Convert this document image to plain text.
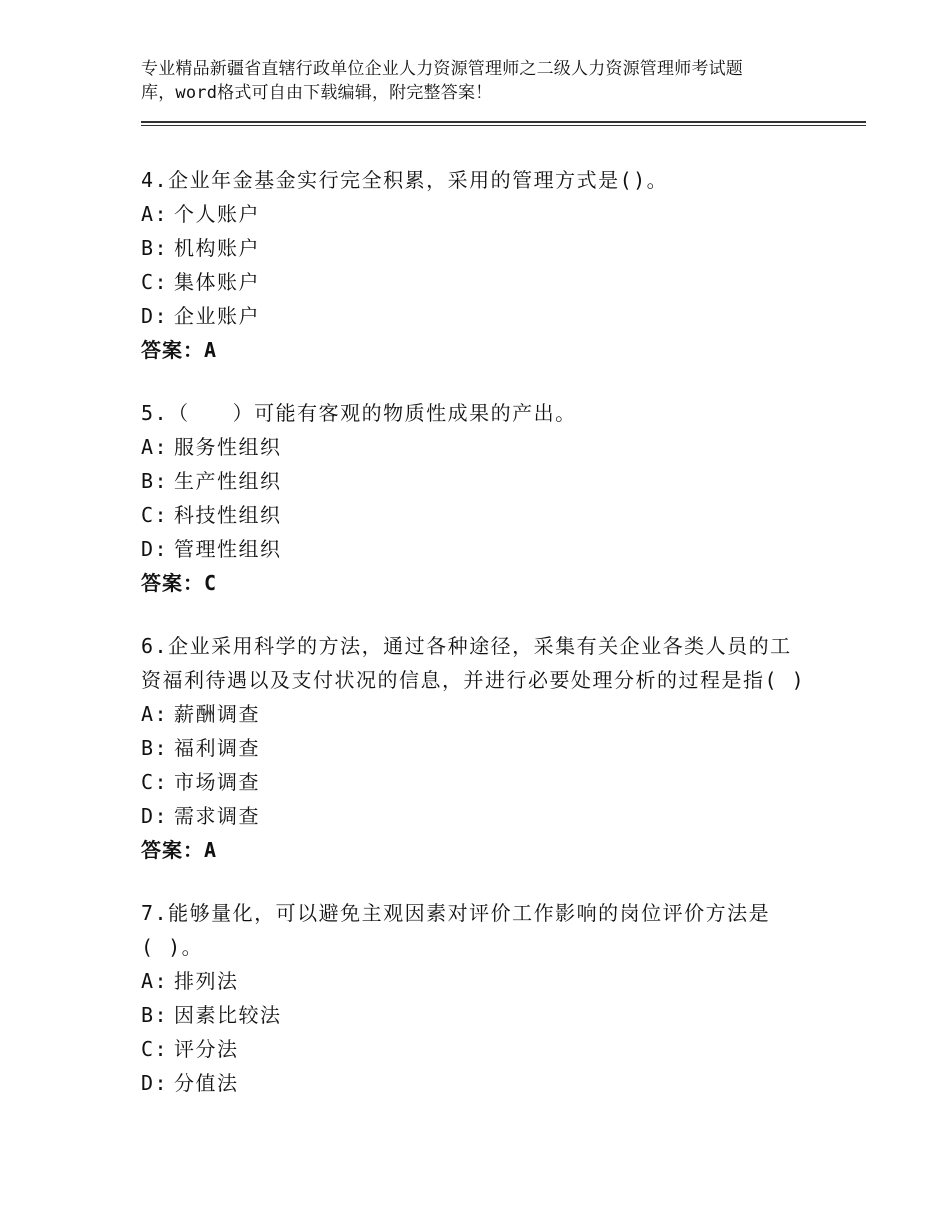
专业精品新疆省直辖行政单位企业人力资源管理师之二级人力资源管理师考试题
库，word格式可自由下载编辑，附完整答案！
4.企业年金基金实行完全积累，采用的管理方式是()。
A: 个人账户
B: 机构账户
C: 集体账户
D: 企业账户
答案：A
5.（　　）可能有客观的物质性成果的产出。
A: 服务性组织
B: 生产性组织
C: 科技性组织
D: 管理性组织
答案：C
6.企业采用科学的方法，通过各种途径，采集有关企业各类人员的工
资福利待遇以及支付状况的信息，并进行必要处理分析的过程是指( )
A: 薪酬调查
B: 福利调查
C: 市场调查
D: 需求调查
答案：A
7.能够量化，可以避免主观因素对评价工作影响的岗位评价方法是
( )。
A: 排列法
B: 因素比较法
C: 评分法
D: 分值法
